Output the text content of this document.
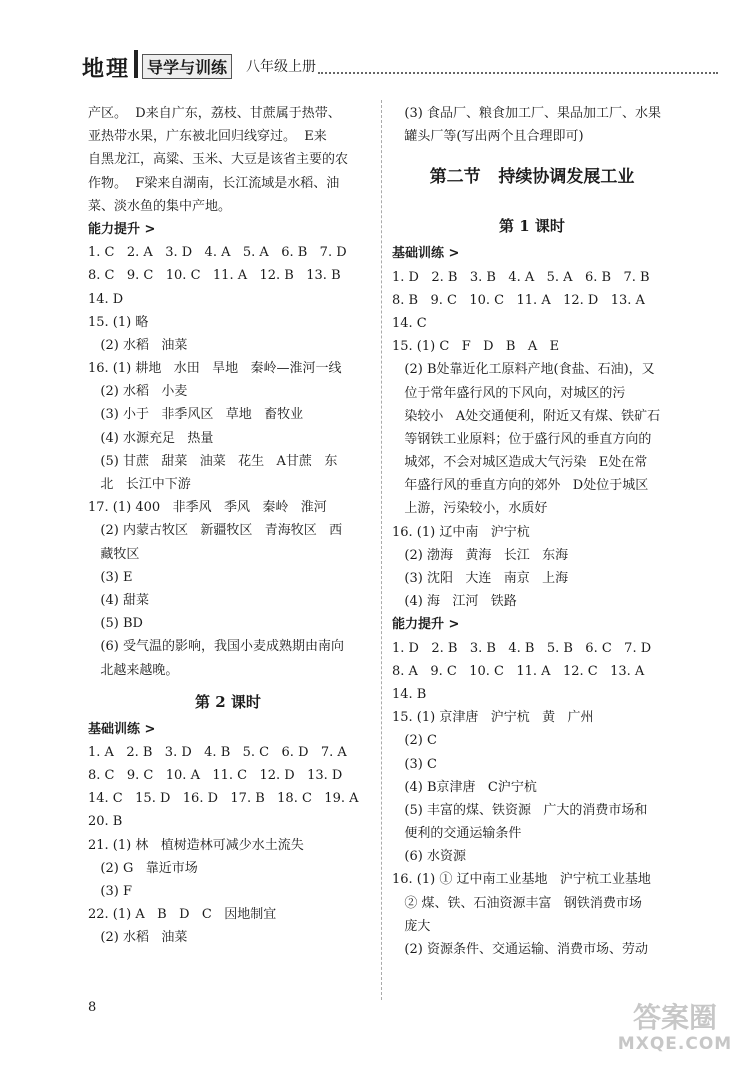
地理	导学与训练	八年级上册
产区。  D来自广东，荔枝、甘蔗属于热带、
亚热带水果，广东被北回归线穿过。  E来
自黑龙江，高粱、玉米、大豆是该省主要的农
作物。  F梁来自湖南，长江流域是水稻、油
菜、淡水鱼的集中产地。
能力提升 >
1. C   2. A   3. D   4. A   5. A   6. B   7. D
8. C   9. C   10. C   11. A   12. B   13. B
14. D
15. (1) 略
(2) 水稻   油菜
16. (1) 耕地   水田   旱地   秦岭—淮河一线
(2) 水稻   小麦
(3) 小于   非季风区   草地   畜牧业
(4) 水源充足   热量
(5) 甘蔗   甜菜   油菜   花生   A甘蔗   东
北   长江中下游
17. (1) 400   非季风   季风   秦岭   淮河
(2) 内蒙古牧区   新疆牧区   青海牧区   西
藏牧区
(3) E
(4) 甜菜
(5) BD
(6) 受气温的影响，我国小麦成熟期由南向
北越来越晚。
第 2 课时
基础训练 >
1. A   2. B   3. D   4. B   5. C   6. D   7. A
8. C   9. C   10. A   11. C   12. D   13. D
14. C   15. D   16. D   17. B   18. C   19. A
20. B
21. (1) 林   植树造林可减少水土流失
(2) G   靠近市场
(3) F
22. (1) A   B   D   C   因地制宜
(2) 水稻   油菜
(3) 食品厂、粮食加工厂、果品加工厂、水果
罐头厂等(写出两个且合理即可)
第二节   持续协调发展工业
第 1 课时
基础训练 >
1. D   2. B   3. B   4. A   5. A   6. B   7. B
8. B   9. C   10. C   11. A   12. D   13. A
14. C
15. (1) C   F   D   B   A   E
(2) B处靠近化工原料产地(食盐、石油)，又
位于常年盛行风的下风向，对城区的污
染较小   A处交通便利，附近又有煤、铁矿石
等钢铁工业原料；位于盛行风的垂直方向的
城郊，不会对城区造成大气污染   E处在常
年盛行风的垂直方向的郊外   D处位于城区
上游，污染较小，水质好
16. (1) 辽中南   沪宁杭
(2) 渤海   黄海   长江   东海
(3) 沈阳   大连   南京   上海
(4) 海   江河   铁路
能力提升 >
1. D   2. B   3. B   4. B   5. B   6. C   7. D
8. A   9. C   10. C   11. A   12. C   13. A
14. B
15. (1) 京津唐   沪宁杭   黄   广州
(2) C
(3) C
(4) B京津唐   C沪宁杭
(5) 丰富的煤、铁资源   广大的消费市场和
便利的交通运输条件
(6) 水资源
16. (1) ① 辽中南工业基地   沪宁杭工业基地
② 煤、铁、石油资源丰富   钢铁消费市场
庞大
(2) 资源条件、交通运输、消费市场、劳动
8	答案圈
MXQE.COM
